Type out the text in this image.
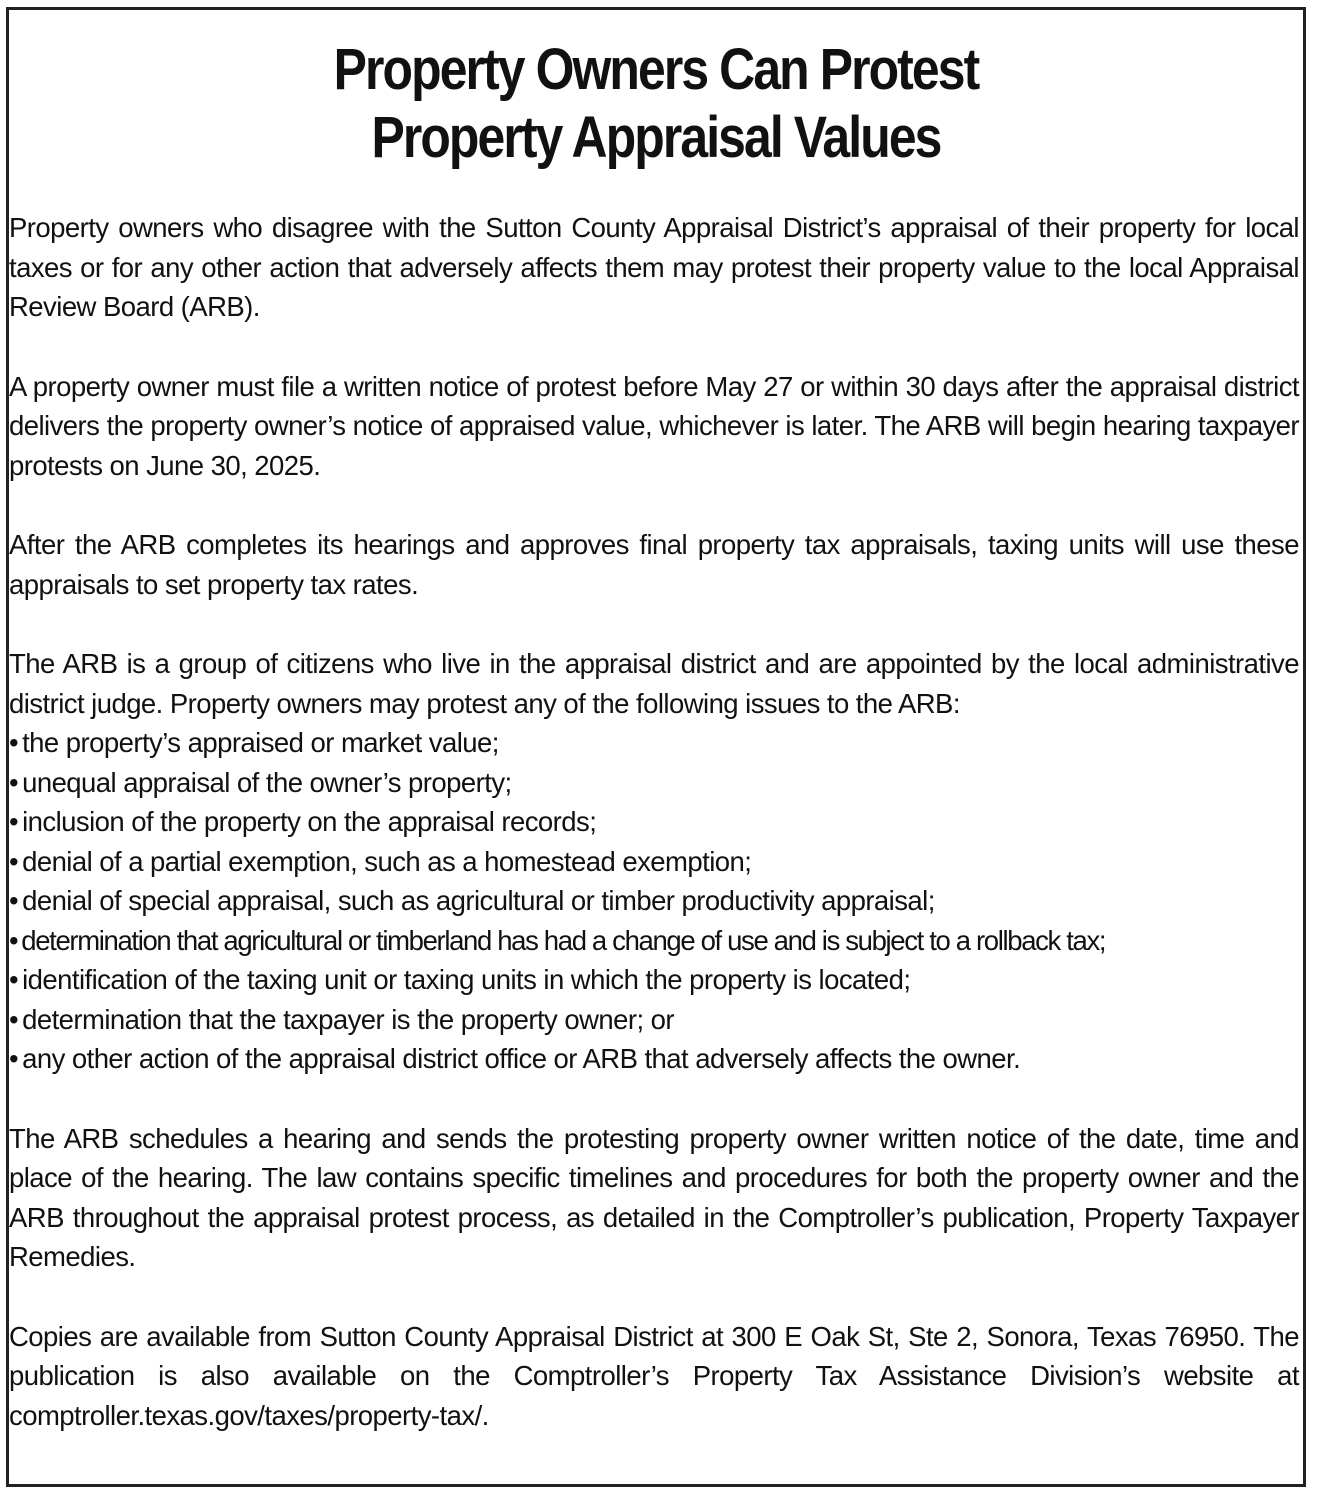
Property Owners Can Protest
Property Appraisal Values

Property owners who disagree with the Sutton County Appraisal District’s appraisal of their property for local taxes or for any other action that adversely affects them may protest their property value to the local Appraisal Review Board (ARB).

A property owner must file a written notice of protest before May 27 or within 30 days after the appraisal district delivers the property owner’s notice of appraised value, whichever is later. The ARB will begin hearing taxpayer protests on June 30, 2025.

After the ARB completes its hearings and approves final property tax appraisals, taxing units will use these appraisals to set property tax rates.

The ARB is a group of citizens who live in the appraisal district and are appointed by the local administrative district judge. Property owners may protest any of the following issues to the ARB:
• the property’s appraised or market value;
• unequal appraisal of the owner’s property;
• inclusion of the property on the appraisal records;
• denial of a partial exemption, such as a homestead exemption;
• denial of special appraisal, such as agricultural or timber productivity appraisal;
• determination that agricultural or timberland has had a change of use and is subject to a rollback tax;
• identification of the taxing unit or taxing units in which the property is located;
• determination that the taxpayer is the property owner; or
• any other action of the appraisal district office or ARB that adversely affects the owner.

The ARB schedules a hearing and sends the protesting property owner written notice of the date, time and place of the hearing. The law contains specific timelines and procedures for both the property owner and the ARB throughout the appraisal protest process, as detailed in the Comptroller’s publication, Property Taxpayer Remedies.

Copies are available from Sutton County Appraisal District at 300 E Oak St, Ste 2, Sonora, Texas 76950. The publication is also available on the Comptroller’s Property Tax Assistance Division’s website at comptroller.texas.gov/taxes/property-tax/.
